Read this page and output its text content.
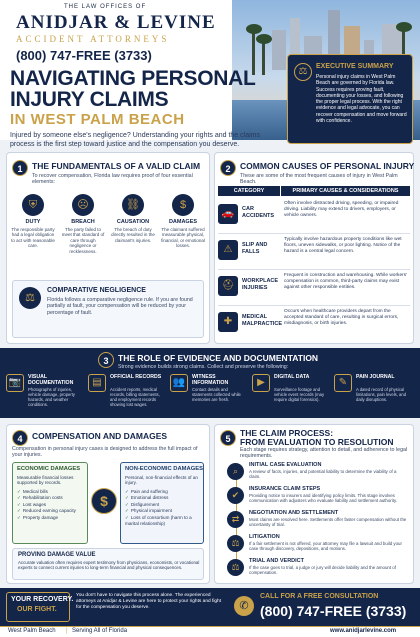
THE LAW OFFICES OF
ANIDJAR & LEVINE
ACCIDENT ATTORNEYS
(800) 747-FREE (3733)
NAVIGATING PERSONAL
INJURY CLAIMS
IN WEST PALM BEACH
Injured by someone else's negligence? Understanding your rights and the claims process is the first step toward justice and the compensation you deserve.
⚖	EXECUTIVE SUMMARY
Personal injury claims in West Palm Beach are governed by Florida law. Success requires proving fault, documenting your losses, and following the proper legal process. With the right evidence and legal advocate, you can recover compensation and move forward with confidence.
1	THE FUNDAMENTALS OF A VALID CLAIM
To recover compensation, Florida law requires proof of four essential elements:
⛨
DUTY
The responsible party had a legal obligation to act with reasonable care.
☹
BREACH
The party failed to meet that standard of care through negligence or recklessness.
⛓
CAUSATION
The breach of duty directly resulted in the claimant's injuries.
$
DAMAGES
The claimant suffered measurable physical, financial, or emotional losses.
⚖
COMPARATIVE NEGLIGENCE
Florida follows a comparative negligence rule. If you are found partially at fault, your compensation will be reduced by your percentage of fault.
2	COMMON CAUSES OF PERSONAL INJURY
These are some of the most frequent causes of injury in West Palm Beach.
CATEGORY	PRIMARY CAUSES & CONSIDERATIONS
🚗	CAR ACCIDENTS
Often involve distracted driving, speeding, or impaired driving. Liability may extend to drivers, employers, or vehicle owners.
⚠	SLIP AND FALLS
Typically involve hazardous property conditions like wet floors, uneven sidewalks, or poor lighting. Notice of the hazard is a central legal concern.
⛑	WORKPLACE INJURIES
Frequent in construction and warehousing. While workers' compensation is common, third-party claims may exist against other responsible entities.
✚	MEDICAL MALPRACTICE
Occurs when healthcare providers depart from the accepted standard of care, resulting in surgical errors, misdiagnosis, or birth injuries.
3	THE ROLE OF EVIDENCE AND DOCUMENTATION
Strong evidence builds strong claims. Collect and preserve the following:
📷	VISUAL DOCUMENTATION
Photographs of injuries, vehicle damage, property hazards, and weather conditions.
▤	OFFICIAL RECORDS
Accident reports, medical records, billing statements, and employment records showing lost wages.
👥	WITNESS INFORMATION
Contact details and statements collected while memories are fresh.
▶	DIGITAL DATA
Surveillance footage and vehicle event records (may require digital forensics).
✎	PAIN JOURNAL
A dated record of physical limitations, pain levels, and daily disruptions.
4	COMPENSATION AND DAMAGES
Compensation in personal injury cases is designed to address the full impact of your injuries.
ECONOMIC DAMAGES
Measurable financial losses supported by records.
✓ Medical bills
✓ Rehabilitation costs
✓ Lost wages
✓ Reduced earning capacity
✓ Property damage
$
NON-ECONOMIC DAMAGES
Personal, non-financial effects of an injury.
✓ Pain and suffering
✓ Emotional distress
✓ Disfigurement
✓ Physical impairment
✓ Loss of consortium (harm to a marital relationship)
PROVING DAMAGE VALUE
Accurate valuation often requires expert testimony from physicians, economists, or vocational experts to connect current injuries to long-term financial and physical consequences.
5
THE CLAIM PROCESS:
FROM EVALUATION TO RESOLUTION
Each stage requires strategy, attention to detail, and adherence to legal requirements.
⌕
INITIAL CASE EVALUATION
A review of facts, injuries, and potential liability to determine the viability of a claim.
✔
INSURANCE CLAIM STEPS
Providing notice to insurers and identifying policy limits. This stage involves communication with adjusters who evaluate liability and settlement authority.
⇄
NEGOTIATION AND SETTLEMENT
Most claims are resolved here. Settlements offer faster compensation without the uncertainty of trial.
⚖
LITIGATION
If a fair settlement is not offered, your attorney may file a lawsuit and build your case through discovery, depositions, and motions.
⚖
TRIAL AND VERDICT
If the case goes to trial, a judge or jury will decide liability and the amount of compensation.
YOUR RECOVERY.
OUR FIGHT.
You don't have to navigate this process alone. The experienced attorneys at Anidjar & Levine are here to protect your rights and fight for the compensation you deserve.	✆
CALL FOR A FREE CONSULTATION
(800) 747-FREE (3733)
West Palm Beach | Serving All of Florida	www.anidjarlevine.com
